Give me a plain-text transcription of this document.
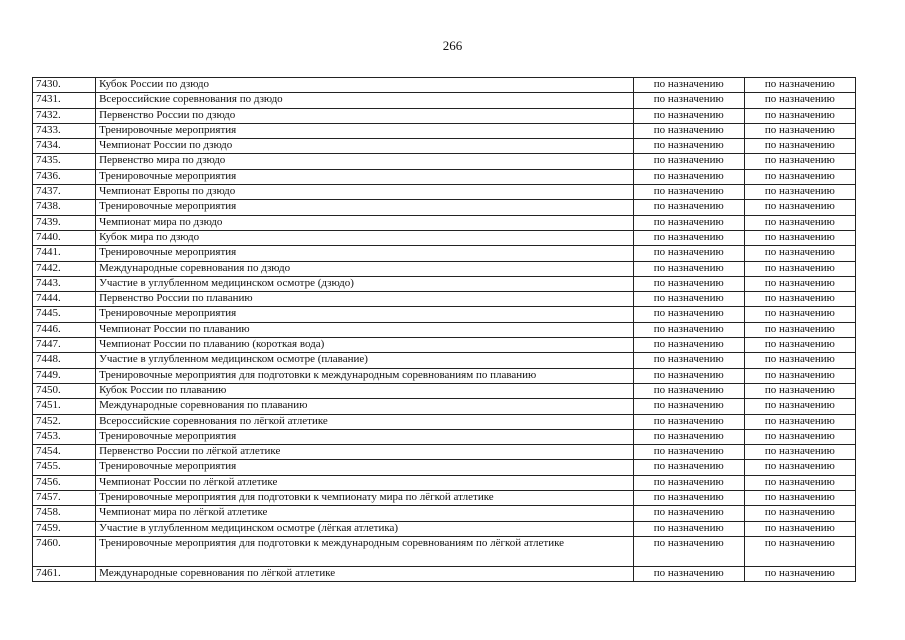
266
7430.	Кубок России по дзюдо	по назначению	по назначению
7431.	Всероссийские соревнования по дзюдо	по назначению	по назначению
7432.	Первенство России по дзюдо	по назначению	по назначению
7433.	Тренировочные мероприятия	по назначению	по назначению
7434.	Чемпионат России по дзюдо	по назначению	по назначению
7435.	Первенство мира по дзюдо	по назначению	по назначению
7436.	Тренировочные мероприятия	по назначению	по назначению
7437.	Чемпионат Европы по дзюдо	по назначению	по назначению
7438.	Тренировочные мероприятия	по назначению	по назначению
7439.	Чемпионат мира по дзюдо	по назначению	по назначению
7440.	Кубок мира по дзюдо	по назначению	по назначению
7441.	Тренировочные мероприятия	по назначению	по назначению
7442.	Международные соревнования по дзюдо	по назначению	по назначению
7443.	Участие в углубленном медицинском осмотре (дзюдо)	по назначению	по назначению
7444.	Первенство России по плаванию	по назначению	по назначению
7445.	Тренировочные мероприятия	по назначению	по назначению
7446.	Чемпионат России по плаванию	по назначению	по назначению
7447.	Чемпионат России по плаванию (короткая вода)	по назначению	по назначению
7448.	Участие в углубленном медицинском осмотре (плавание)	по назначению	по назначению
7449.	Тренировочные мероприятия для подготовки к международным соревнованиям по плаванию	по назначению	по назначению
7450.	Кубок России по плаванию	по назначению	по назначению
7451.	Международные соревнования по плаванию	по назначению	по назначению
7452.	Всероссийские соревнования по лёгкой атлетике	по назначению	по назначению
7453.	Тренировочные мероприятия	по назначению	по назначению
7454.	Первенство России по лёгкой атлетике	по назначению	по назначению
7455.	Тренировочные мероприятия	по назначению	по назначению
7456.	Чемпионат России по лёгкой атлетике	по назначению	по назначению
7457.	Тренировочные мероприятия для подготовки к чемпионату мира по лёгкой атлетике	по назначению	по назначению
7458.	Чемпионат мира по лёгкой атлетике	по назначению	по назначению
7459.	Участие в углубленном медицинском осмотре (лёгкая атлетика)	по назначению	по назначению
7460.	Тренировочные мероприятия для подготовки к международным соревнованиям по лёгкой атлетике	по назначению	по назначению
7461.	Международные соревнования по лёгкой атлетике	по назначению	по назначению
